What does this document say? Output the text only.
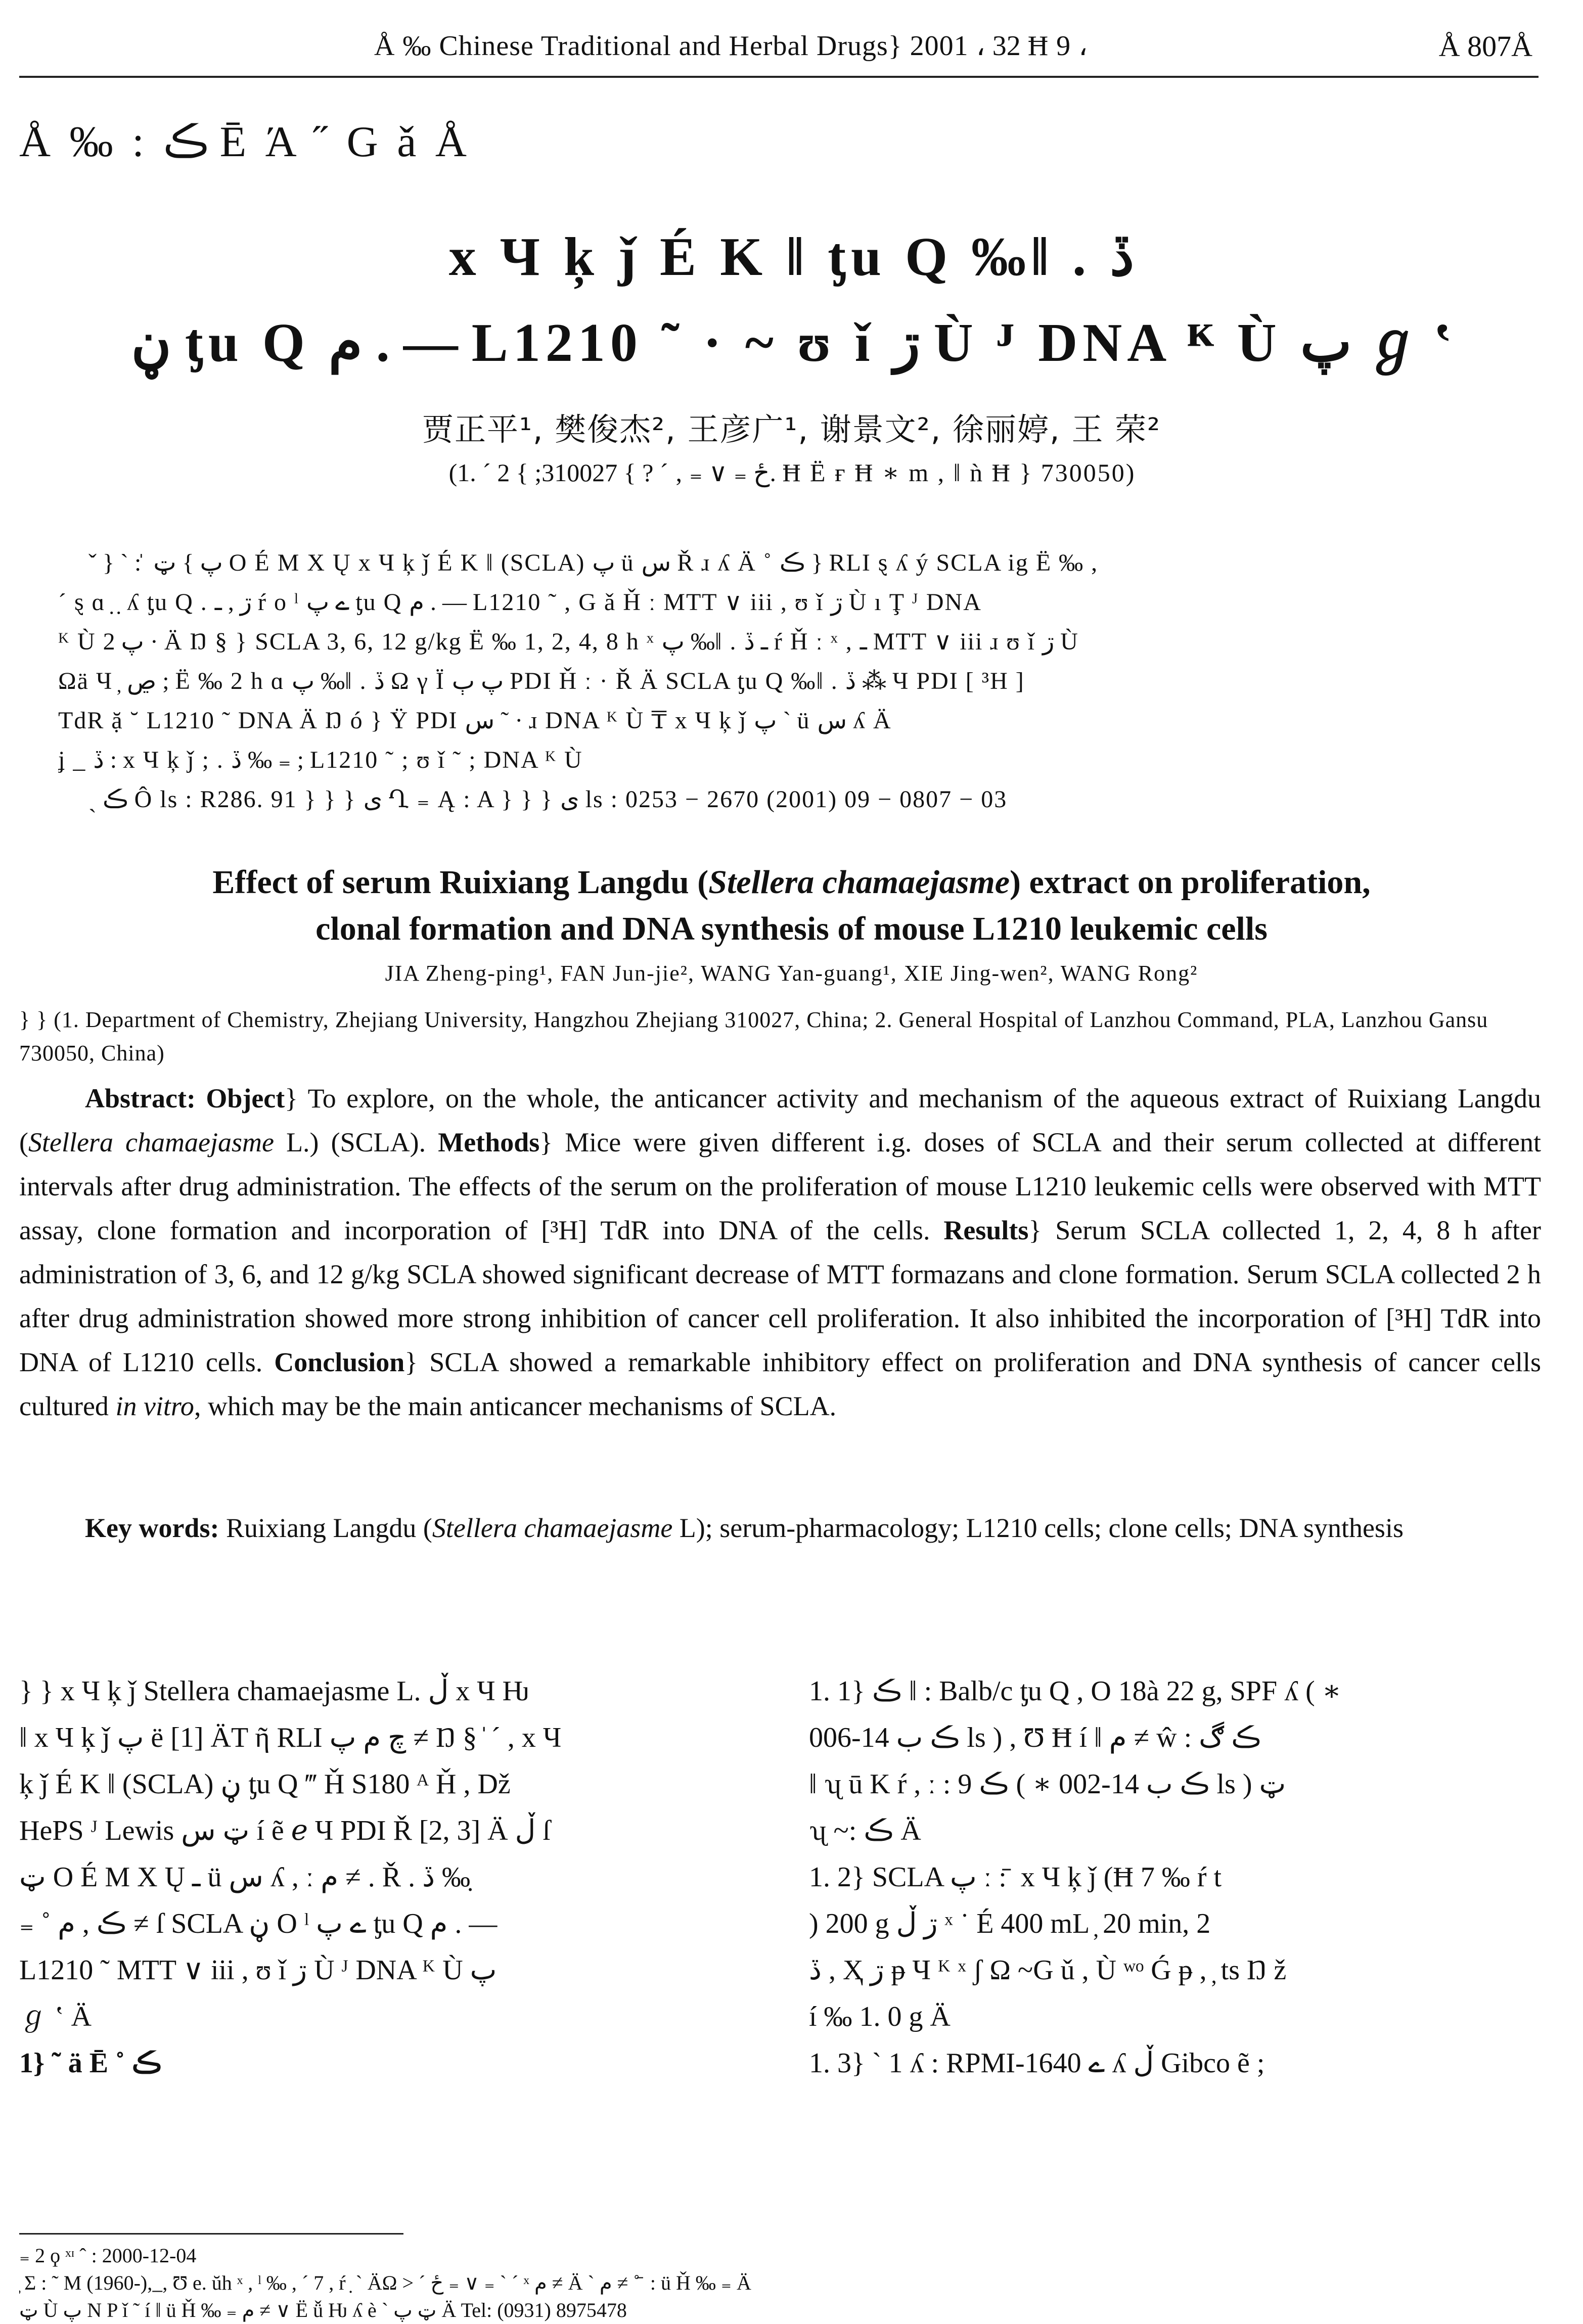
Å ‰ Chinese Traditional and Herbal Drugs} 2001 ، 32 Ħ 9 ،	Å 807Å
Å ‰ : ڪ Ē Ά ˝ G ǎ Å
x Ч ķ ǰ É K ǁ ƫu Q ‰ǁ . ڏ
ڼ ƫu Q م . — L1210 ˜ · ~ ʊ ǐ ڗ Ù ᴶ DNA ᴷ Ù پ ℊ ʽ
贾正平¹, 樊俊杰², 王彦广¹, 谢景文², 徐丽婷, 王 荣²
(1. ´ ځ ₌ ∨ ₌ ‚ ´ ? } 310027; } 2. Ħ Ë ғ Ħ ∗ m , ǁ ǹ Ħ } 730050)
ˇ } ˋ : ̍ پ } ټ O É M X Ų x Ч ķ ǰ É K ǁ (SCLA) پ ü س Ř ɹ ʎ Ä ˚ ڪ } RLI ȿ ʎ ý SCLA ig Ë ‰ ,
´ ȿ ɑ ̣ ̣ ʎ ƫu Q . ڗ , ـ ŕ o ˡ ے پ ƫu Q م . — L1210 ˜ , G ǎ Ȟ ː MTT ∨ iii , ʊ ǐ ڗ Ù ı Ţ ᴶ DNA
ᴷ Ù پ 2 · Ä Ŋ § } SCLA 3, 6, 12 g/kg Ë ‰ 1, 2, 4, 8 h ˣ پ ‰ǁ . ـ ڏ ŕ Ȟ ː ˣ , ـ MTT ∨ iii ɹ ʊ ǐ ڗ Ù
Ωä Ч ̦ ڝ ; Ë ‰ 2 h ɑ پ ‰ǁ . ڏ Ω γ Ϊ پ ٻ PDI Ȟ ː · Ř Ä SCLA ƫu Q ‰ǁ . ڏ ⁂ Ч PDI [ ³H ]
TdR ặ ˘ L1210 ˜ DNA Ä Ŋ ó } Ÿ PDI س ˜ · ɹ DNA ᴷ Ù ₸ x Ч ķ ǰ پ ˋ ü س ʎ Ä
ʝ _ ڏ : x Ч ķ ǰ ; . ڏ ‰ ₌ ; L1210 ˜ ; ʊ ǐ ˜ ; DNA ᴷ Ù
ˎ ڪ Ô ls : R286. 91 } } } ی Ղ ₌ Ą : A } } } ی ls : 0253 − 2670 (2001) 09 − 0807 − 03
Effect of serum Ruixiang Langdu (Stellera chamaejasme) extract on proliferation,
clonal formation and DNA synthesis of mouse L1210 leukemic cells
JIA Zheng-ping¹, FAN Jun-jie², WANG Yan-guang¹, XIE Jing-wen², WANG Rong²
} } (1. Department of Chemistry, Zhejiang University, Hangzhou Zhejiang 310027, China; 2. General Hospital of Lanzhou Command, PLA, Lanzhou Gansu 730050, China)

Abstract: Object} To explore, on the whole, the anticancer activity and mechanism of the aqueous extract of Ruixiang Langdu (Stellera chamaejasme L.) (SCLA). Methods} Mice were given different i.g. doses of SCLA and their serum collected at different intervals after drug administration. The effects of the serum on the proliferation of mouse L1210 leukemic cells were observed with MTT assay, clone formation and incorporation of [³H] TdR into DNA of the cells. Results} Serum SCLA collected 1, 2, 4, 8 h after administration of 3, 6, and 12 g/kg SCLA showed significant decrease of MTT formazans and clone formation. Serum SCLA collected 2 h after drug administration showed more strong inhibition of cancer cell proliferation. It also inhibited the incorporation of [³H] TdR into DNA of L1210 cells. Conclusion} SCLA showed a remarkable inhibitory effect on proliferation and DNA synthesis of cancer cells cultured in vitro, which may be the main anticancer mechanisms of SCLA.

Key words: Ruixiang Langdu (Stellera chamaejasme L); serum-pharmacology; L1210 cells; clone cells; DNA synthesis
} } x Ч ķ ǰ Stellera chamaejasme L. ڵ x Ч Ƕ
ǁ x Ч ķ ǰ پ ë [1] ÄT ῆ RLI چ م پ ≠ Ŋ § ̍ ´ , x Ч
ķ ǰ É K ǁ (SCLA) ڼ ƫu Q ‴ Ȟ S180 ᴬ Ȟ , Dž
HePS ᴶ Lewis ټ س í ẽ ℯ Ч PDI Ř [2, 3] Ä ڵ ſ
ټ O É M X Ų ـ ü س ʎ , ː م ≠ . Ř . ڏ ‰ ̣
₌ ˚ ڪ , م ≠ ſ SCLA ڼ O ˡ ے پ ƫu Q م . —
L1210 ˜ MTT ∨ iii , ʊ ǐ ڗ Ù ᴶ DNA ᴷ Ù پ
ℊ ʽ Ä
1} ˜ ä Ē ˚ ڪ
1. 1} ڪ ǁ : Balb/c ƫu Q , O 18à 22 g, SPF ʎ ( ∗
ڪ ب 14-006 ls ) , Ʊ Ħ í ǁ م ≠ ŵ : ڪ ڰ
ǁ ʯ ū K ŕ , ː : ڪ 9 ( ∗ ڪ ب 14-002 ls ) ټ
ʯ ~: ڪ Ä
1. 2} SCLA پ ː : ̄ x Ч ķ ǰ (Ħ 7 ‰ ŕ t
) 200 g ڗ ڵ ˣ ˙ É 400 mL ̦ 20 min, 2
ڏ , Ҳ ڗ ᵽ Ч ᴷ ˣ ʃ Ω ~G ǔ , Ù ʷᵒ Ǵ ᵽ , ̦ ts Ŋ ž
í ‰ 1. 0 g Ä
1. 3} ˋ 1 ʎ : RPMI-1640 ے ʎ ڵ Gibco ẽ ;
₌ 2 ϙ ˣᶦ ˆ : 2000-12-04
̦ Ʃ : ˜ M (1960-), ̲ , Ʊ e. ŭh ˣ , ˡ ‰ , ´ 7 , ŕ ̣ ˋ ÄΩ > ´ ځ ₌ ∨ ₌ ˋ ´ ˣ م ≠ Ä ˋ م ≠ ˚ ̄ : ü Ȟ ‰ ₌ Ä
ټ Ù پ N P ǐ ˜ í ǁ ü Ȟ ‰ ₌ م ≠ ∨ Ë ǚ Ƕ ʎ è ˋ ټ پ Ä Tel: (0931) 8975478
